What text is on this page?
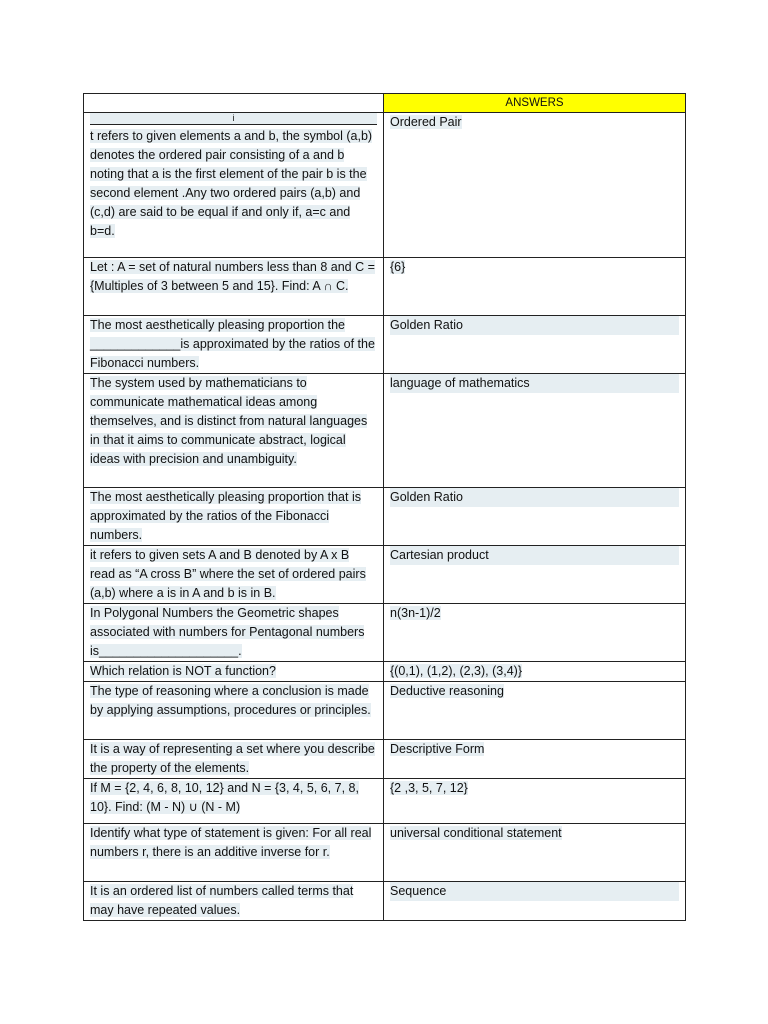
	ANSWERS

i
t refers to given elements a and b, the symbol (a,b) denotes the ordered pair consisting of a and b noting that a is the first element of the pair b is the second element .Any two ordered pairs (a,b) and (c,d) are said to be equal if and only if, a=c and b=d.	Ordered Pair
Let : A = set of natural numbers less than 8 and C = {Multiples of 3 between 5 and 15}. Find: A ∩ C.	{6}
The most aesthetically pleasing proportion the _____________is approximated by the ratios of the Fibonacci numbers.	Golden Ratio

The system used by mathematicians to communicate mathematical ideas among themselves, and is distinct from natural languages in that it aims to communicate abstract, logical ideas with precision and unambiguity.	language of mathematics

The most aesthetically pleasing proportion that is approximated by the ratios of the Fibonacci numbers.	Golden Ratio

it refers to given sets A and B denoted by A x B read as “A cross B” where the set of ordered pairs (a,b) where a is in A and b is in B.	Cartesian product

In Polygonal Numbers the Geometric shapes associated with numbers for Pentagonal numbers is____________________.	n(3n-1)/2
Which relation is NOT a function?	{(0,1), (1,2), (2,3), (3,4)}
The type of reasoning where a conclusion is made by applying assumptions, procedures or principles.	Deductive reasoning
It is a way of representing a set where you describe the property of the elements.	Descriptive Form
If M = {2, 4, 6, 8, 10, 12} and N = {3, 4, 5, 6, 7, 8, 10}. Find: (M - N) ∪ (N - M)	{2 ,3, 5, 7, 12}
Identify what type of statement is given: For all real numbers r, there is an additive inverse for r.	universal conditional statement
It is an ordered list of numbers called terms that may have repeated values.	Sequence
